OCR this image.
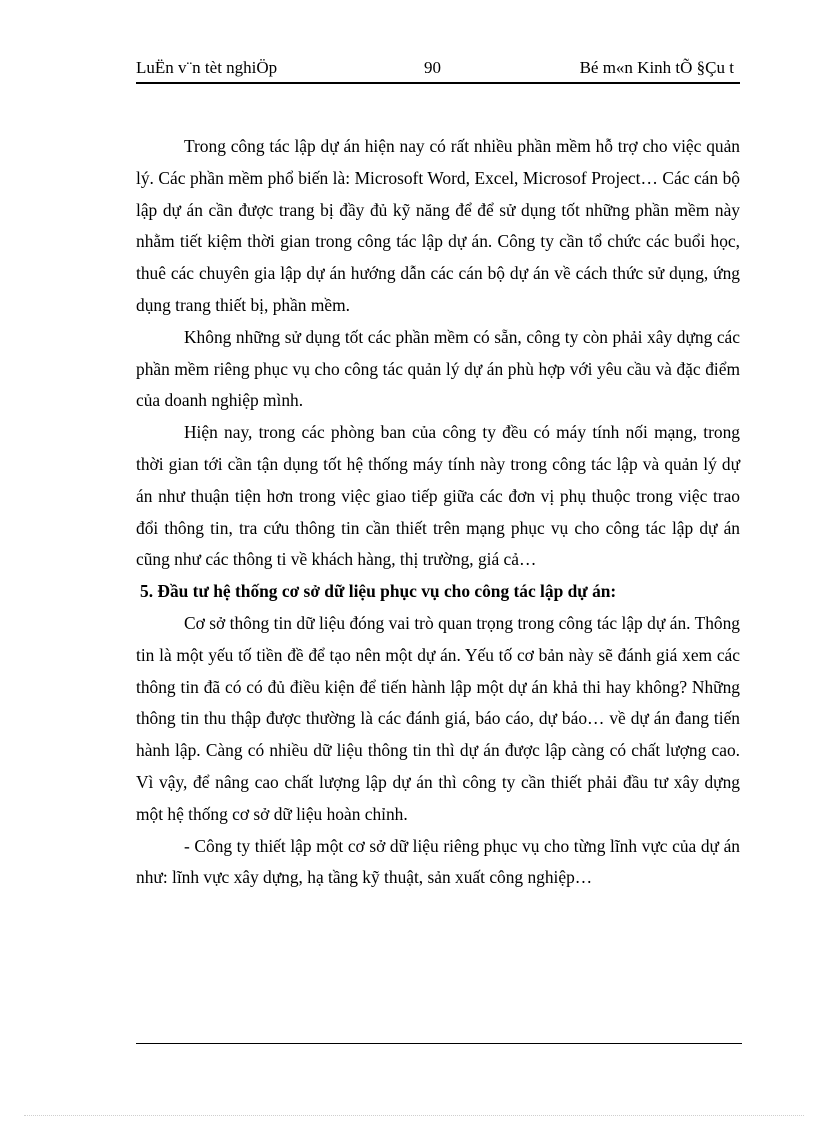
LuËn v¨n tèt nghiÖp	90	Bé m«n Kinh tÕ §Çu t

Trong công tác lập dự án hiện nay có rất nhiều phần mềm hỗ trợ cho việc quản lý. Các phần mềm phổ biến là: Microsoft Word, Excel, Microsof Project… Các cán bộ lập dự án cần được trang bị đầy đủ kỹ năng để để sử dụng tốt những phần mềm này nhằm tiết kiệm thời gian trong công tác lập dự án. Công ty cần tổ chức các buổi học, thuê các chuyên gia lập dự án hướng dẫn các cán bộ dự án về cách thức sử dụng, ứng dụng trang thiết bị, phần mềm.

Không những sử dụng tốt các phần mềm có sẵn, công ty còn phải xây dựng các phần mềm riêng phục vụ cho công tác quản lý dự án phù hợp với yêu cầu và đặc điểm của doanh nghiệp mình.

Hiện nay, trong các phòng ban của công ty đều có máy tính nối mạng, trong thời gian tới cần tận dụng tốt hệ thống máy tính này trong công tác lập và quản lý dự án như thuận tiện hơn trong việc giao tiếp giữa các đơn vị phụ thuộc trong việc trao đổi thông tin, tra cứu thông tin cần thiết trên mạng phục vụ cho công tác lập dự án cũng như các thông ti về khách hàng, thị trường, giá cả…

5. Đầu tư hệ thống cơ sở dữ liệu phục vụ cho công tác lập dự án:

Cơ sở thông tin dữ liệu đóng vai trò quan trọng trong công tác lập dự án. Thông tin là một yếu tố tiền đề để tạo nên một dự án. Yếu tố cơ bản này sẽ đánh giá xem các thông tin đã có có đủ điều kiện để tiến hành lập một dự án khả thi hay không? Những thông tin thu thập được thường là các đánh giá, báo cáo, dự báo… về dự án đang tiến hành lập. Càng có nhiều dữ liệu thông tin thì dự án được lập càng có chất lượng cao. Vì vậy, để nâng cao chất lượng lập dự án thì công ty cần thiết phải đầu tư xây dựng một hệ thống cơ sở dữ liệu hoàn chỉnh.

- Công ty thiết lập một cơ sở dữ liệu riêng phục vụ cho từng lĩnh vực của dự án như: lĩnh vực xây dựng, hạ tầng kỹ thuật, sản xuất công nghiệp…
